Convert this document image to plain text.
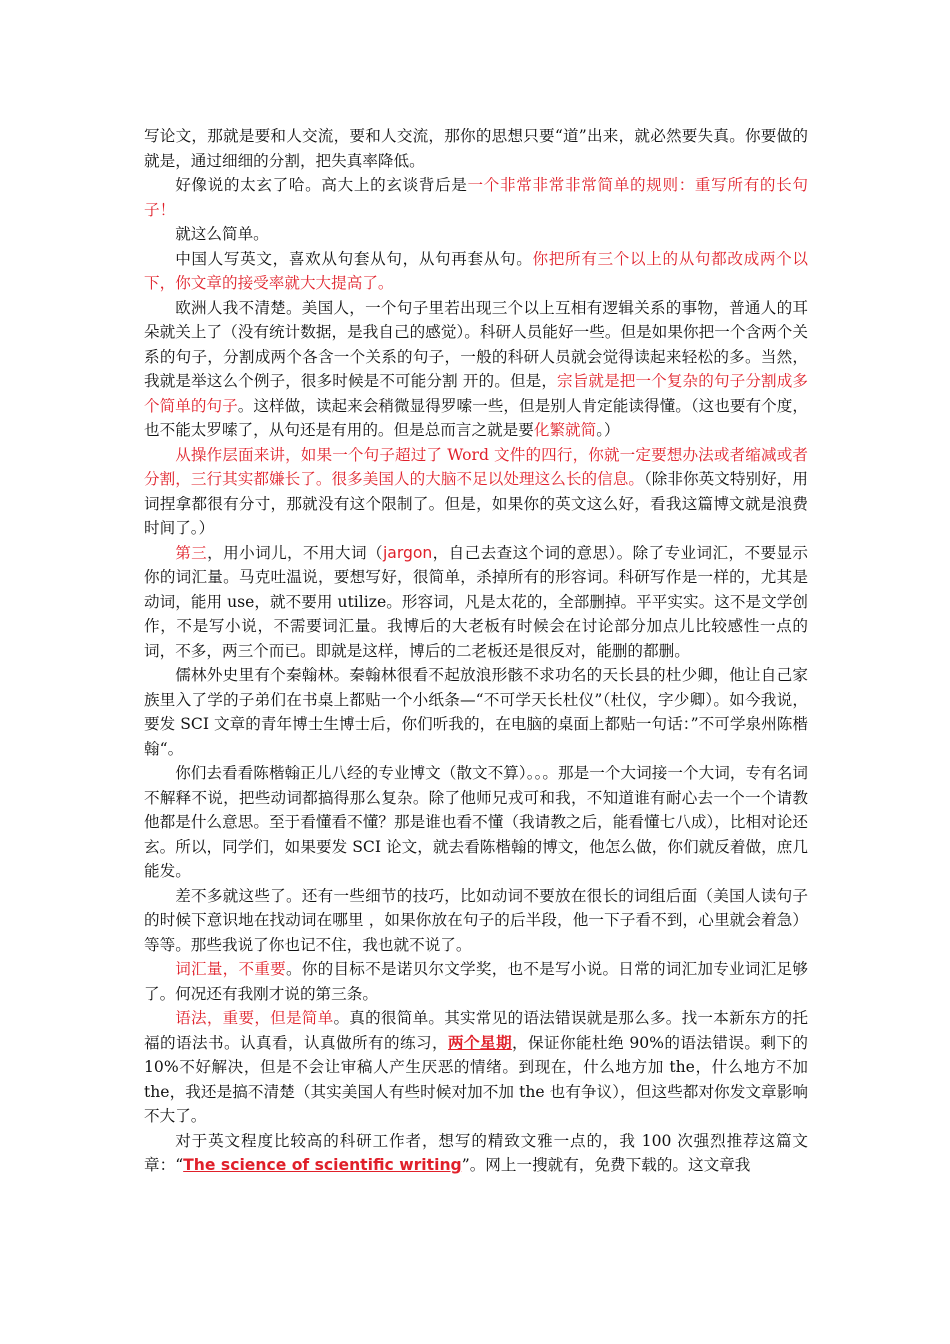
写论文，那就是要和人交流，要和人交流，那你的思想只要“道”出来，就必然要失真。你要做的就是，通过细细的分割，把失真率降低。

好像说的太玄了哈。高大上的玄谈背后是一个非常非常非常简单的规则：重写所有的长句子！

就这么简单。

中国人写英文，喜欢从句套从句，从句再套从句。你把所有三个以上的从句都改成两个以下，你文章的接受率就大大提高了。

欧洲人我不清楚。美国人，一个句子里若出现三个以上互相有逻辑关系的事物，普通人的耳朵就关上了（没有统计数据，是我自己的感觉）。科研人员能好一些。但是如果你把一个含两个关系的句子，分割成两个各含一个关系的句子，一般的科研人员就会觉得读起来轻松的多。当然，我就是举这么个例子，很多时候是不可能分割 开的。但是，宗旨就是把一个复杂的句子分割成多个简单的句子。这样做，读起来会稍微显得罗嗦一些，但是别人肯定能读得懂。（这也要有个度，也不能太罗嗦了，从句还是有用的。但是总而言之就是要化繁就简。）

从操作层面来讲，如果一个句子超过了 Word 文件的四行，你就一定要想办法或者缩减或者分割，三行其实都嫌长了。很多美国人的大脑不足以处理这么长的信息。（除非你英文特别好，用词捏拿都很有分寸，那就没有这个限制了。但是，如果你的英文这么好，看我这篇博文就是浪费时间了。）

第三，用小词儿，不用大词（jargon，自己去查这个词的意思）。除了专业词汇，不要显示你的词汇量。马克吐温说，要想写好，很简单，杀掉所有的形容词。科研写作是一样的，尤其是动词，能用 use，就不要用 utilize。形容词，凡是太花的，全部删掉。平平实实。这不是文学创作，不是写小说，不需要词汇量。我博后的大老板有时候会在讨论部分加点儿比较感性一点的词，不多，两三个而已。即就是这样，博后的二老板还是很反对，能删的都删。

儒林外史里有个秦翰林。秦翰林很看不起放浪形骸不求功名的天长县的杜少卿，他让自己家族里入了学的子弟们在书桌上都贴一个小纸条—“不可学天长杜仪”（杜仪，字少卿）。如今我说，要发 SCI 文章的青年博士生博士后，你们听我的，在电脑的桌面上都贴一句话：”不可学泉州陈楷翰“。

你们去看看陈楷翰正儿八经的专业博文（散文不算）。。。那是一个大词接一个大词，专有名词不解释不说，把些动词都搞得那么复杂。除了他师兄戎可和我，不知道谁有耐心去一个一个请教他都是什么意思。至于看懂看不懂？那是谁也看不懂（我请教之后，能看懂七八成），比相对论还玄。所以，同学们，如果要发 SCI 论文，就去看陈楷翰的博文，他怎么做，你们就反着做，庶几能发。

差不多就这些了。还有一些细节的技巧，比如动词不要放在很长的词组后面（美国人读句子的时候下意识地在找动词在哪里 ，如果你放在句子的后半段，他一下子看不到，心里就会着急）等等。那些我说了你也记不住，我也就不说了。

词汇量，不重要。你的目标不是诺贝尔文学奖，也不是写小说。日常的词汇加专业词汇足够了。何况还有我刚才说的第三条。

语法，重要，但是简单。真的很简单。其实常见的语法错误就是那么多。找一本新东方的托福的语法书。认真看，认真做所有的练习，两个星期，保证你能杜绝 90%的语法错误。剩下的 10%不好解决，但是不会让审稿人产生厌恶的情绪。到现在，什么地方加 the，什么地方不加 the，我还是搞不清楚（其实美国人有些时候对加不加 the 也有争议），但这些都对你发文章影响不大了。

对于英文程度比较高的科研工作者，想写的精致文雅一点的，我 100 次强烈推荐这篇文章：“The science of scientific writing”。网上一搜就有，免费下载的。这文章我
